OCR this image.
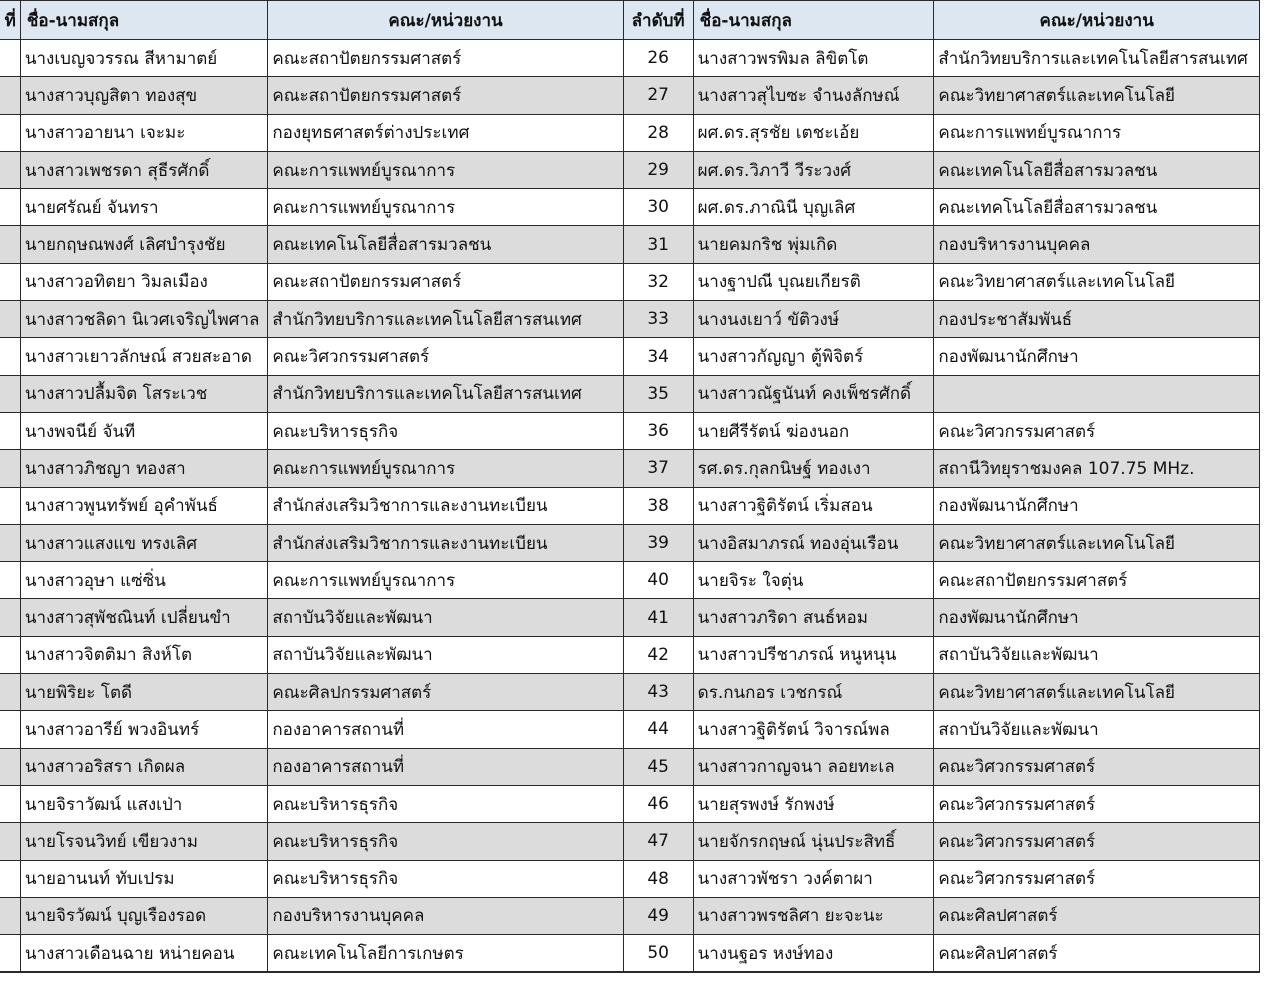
ที่	ชื่อ-นามสกุล	คณะ/หน่วยงาน	ลำดับที่	ชื่อ-นามสกุล	คณะ/หน่วยงาน
	นางเบญจวรรณ สีหามาตย์	คณะสถาปัตยกรรมศาสตร์	26	นางสาวพรพิมล ลิขิตโต	สำนักวิทยบริการและเทคโนโลยีสารสนเทศ
	นางสาวบุญสิตา ทองสุข	คณะสถาปัตยกรรมศาสตร์	27	นางสาวสุไบซะ จำนงลักษณ์	คณะวิทยาศาสตร์และเทคโนโลยี
	นางสาวอายนา เจะมะ	กองยุทธศาสตร์ต่างประเทศ	28	ผศ.ดร.สุรชัย เตชะเอ้ย	คณะการแพทย์บูรณาการ
	นางสาวเพชรดา สุธีรศักดิ์	คณะการแพทย์บูรณาการ	29	ผศ.ดร.วิภาวี วีระวงศ์	คณะเทคโนโลยีสื่อสารมวลชน
	นายศรัณย์ จันทรา	คณะการแพทย์บูรณาการ	30	ผศ.ดร.ภาณินี บุญเลิศ	คณะเทคโนโลยีสื่อสารมวลชน
	นายกฤษณพงศ์ เลิศบำรุงชัย	คณะเทคโนโลยีสื่อสารมวลชน	31	นายคมกริช พุ่มเกิด	กองบริหารงานบุคคล
	นางสาวอทิตยา วิมลเมือง	คณะสถาปัตยกรรมศาสตร์	32	นางฐาปณี บุณยเกียรติ	คณะวิทยาศาสตร์และเทคโนโลยี
	นางสาวชลิดา นิเวศเจริญไพศาล	สำนักวิทยบริการและเทคโนโลยีสารสนเทศ	33	นางนงเยาว์ ขัติวงษ์	กองประชาสัมพันธ์
	นางสาวเยาวลักษณ์ สวยสะอาด	คณะวิศวกรรมศาสตร์	34	นางสาวกัญญา ตู้พิจิตร์	กองพัฒนานักศึกษา
	นางสาวปลื้มจิต โสระเวช	สำนักวิทยบริการและเทคโนโลยีสารสนเทศ	35	นางสาวณัฐนันท์ คงเพ็ชรศักดิ์	
	นางพจนีย์ จันที	คณะบริหารธุรกิจ	36	นายศีรีรัตน์ ฆ่องนอก	คณะวิศวกรรมศาสตร์
	นางสาวภิชญา ทองสา	คณะการแพทย์บูรณาการ	37	รศ.ดร.กุลกนิษฐ์ ทองเงา	สถานีวิทยุราชมงคล 107.75 MHz.
	นางสาวพูนทรัพย์ อุคำพันธ์	สำนักส่งเสริมวิชาการและงานทะเบียน	38	นางสาวฐิติรัตน์ เริ่มสอน	กองพัฒนานักศึกษา
	นางสาวแสงแข ทรงเลิศ	สำนักส่งเสริมวิชาการและงานทะเบียน	39	นางอิสมาภรณ์ ทองอุ่นเรือน	คณะวิทยาศาสตร์และเทคโนโลยี
	นางสาวอุษา แซ่ซิ่น	คณะการแพทย์บูรณาการ	40	นายจิระ ใจตุ่น	คณะสถาปัตยกรรมศาสตร์
	นางสาวสุพัชณินท์ เปลี่ยนขำ	สถาบันวิจัยและพัฒนา	41	นางสาวภริดา สนธ์หอม	กองพัฒนานักศึกษา
	นางสาวจิตติมา สิงห์โต	สถาบันวิจัยและพัฒนา	42	นางสาวปรีชาภรณ์ หนูหนุน	สถาบันวิจัยและพัฒนา
	นายพิริยะ โตดี	คณะศิลปกรรมศาสตร์	43	ดร.กนกอร เวชกรณ์	คณะวิทยาศาสตร์และเทคโนโลยี
	นางสาวอารีย์ พวงอินทร์	กองอาคารสถานที่	44	นางสาวฐิติรัตน์ วิจารณ์พล	สถาบันวิจัยและพัฒนา
	นางสาวอริสรา เกิดผล	กองอาคารสถานที่	45	นางสาวกาญจนา ลอยทะเล	คณะวิศวกรรมศาสตร์
	นายจิราวัฒน์ แสงเป่า	คณะบริหารธุรกิจ	46	นายสุรพงษ์ รักพงษ์	คณะวิศวกรรมศาสตร์
	นายโรจนวิทย์ เขียวงาม	คณะบริหารธุรกิจ	47	นายจักรกฤษณ์ นุ่นประสิทธิ์	คณะวิศวกรรมศาสตร์
	นายอานนท์ ทับเปรม	คณะบริหารธุรกิจ	48	นางสาวพัชรา วงค์ตาผา	คณะวิศวกรรมศาสตร์
	นายจิรวัฒน์ บุญเรืองรอด	กองบริหารงานบุคคล	49	นางสาวพรชลิศา ยะจะนะ	คณะศิลปศาสตร์
	นางสาวเดือนฉาย หน่ายคอน	คณะเทคโนโลยีการเกษตร	50	นางนฐอร หงษ์ทอง	คณะศิลปศาสตร์
